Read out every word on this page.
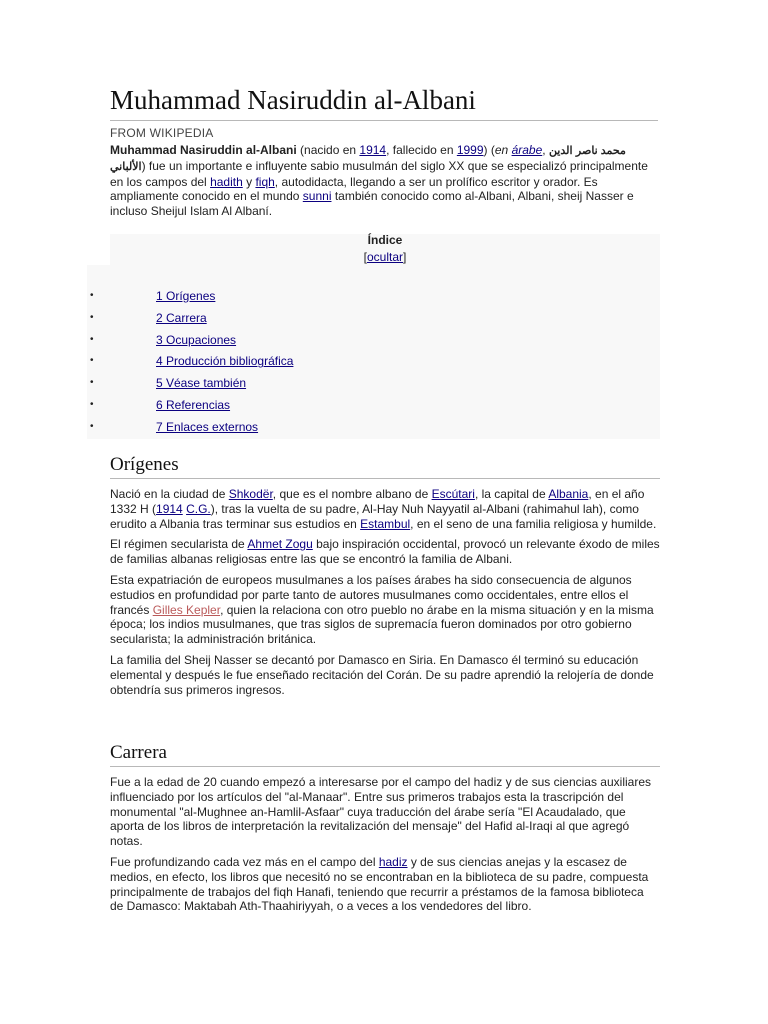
Muhammad Nasiruddin al-Albani
FROM WIKIPEDIA

Muhammad Nasiruddin al-Albani (nacido en 1914, fallecido en 1999) (en árabe, محمد ناصر الدين الألباني) fue un importante e influyente sabio musulmán del siglo XX que se especializó principalmente en los campos del hadith y fiqh, autodidacta, llegando a ser un prolífico escritor y orador. Es ampliamente conocido en el mundo sunni también conocido como al-Albani, Albani, sheij Nasser e incluso Sheijul Islam Al Albaní.

Índice
[ocultar]
•	1 Orígenes
•	2 Carrera
•	3 Ocupaciones
•	4 Producción bibliográfica
•	5 Véase también
•	6 Referencias
•	7 Enlaces externos
Orígenes

Nació en la ciudad de Shkodër, que es el nombre albano de Escútari, la capital de Albania, en el año 1332 H (1914 C.G.), tras la vuelta de su padre, Al-Hay Nuh Nayyatil al-Albani (rahimahul lah), como erudito a Albania tras terminar sus estudios en Estambul, en el seno de una familia religiosa y humilde.

El régimen secularista de Ahmet Zogu bajo inspiración occidental, provocó un relevante éxodo de miles de familias albanas religiosas entre las que se encontró la familia de Albani.

Esta expatriación de europeos musulmanes a los países árabes ha sido consecuencia de algunos estudios en profundidad por parte tanto de autores musulmanes como occidentales, entre ellos el francés Gilles Kepler, quien la relaciona con otro pueblo no árabe en la misma situación y en la misma época; los indios musulmanes, que tras siglos de supremacía fueron dominados por otro gobierno secularista; la administración británica.

La familia del Sheij Nasser se decantó por Damasco en Siria. En Damasco él terminó su educación elemental y después le fue enseñado recitación del Corán. De su padre aprendió la relojería de donde obtendría sus primeros ingresos.

Carrera

Fue a la edad de 20 cuando empezó a interesarse por el campo del hadiz y de sus ciencias auxiliares influenciado por los artículos del "al-Manaar". Entre sus primeros trabajos esta la trascripción del monumental "al-Mughnee an-Hamlil-Asfaar" cuya traducción del árabe sería "El Acaudalado, que aporta de los libros de interpretación la revitalización del mensaje" del Hafid al-Iraqi al que agregó notas.

Fue profundizando cada vez más en el campo del hadiz y de sus ciencias anejas y la escasez de medios, en efecto, los libros que necesitó no se encontraban en la biblioteca de su padre, compuesta principalmente de trabajos del fiqh Hanafi, teniendo que recurrir a préstamos de la famosa biblioteca de Damasco: Maktabah Ath-Thaahiriyyah, o a veces a los vendedores del libro.
